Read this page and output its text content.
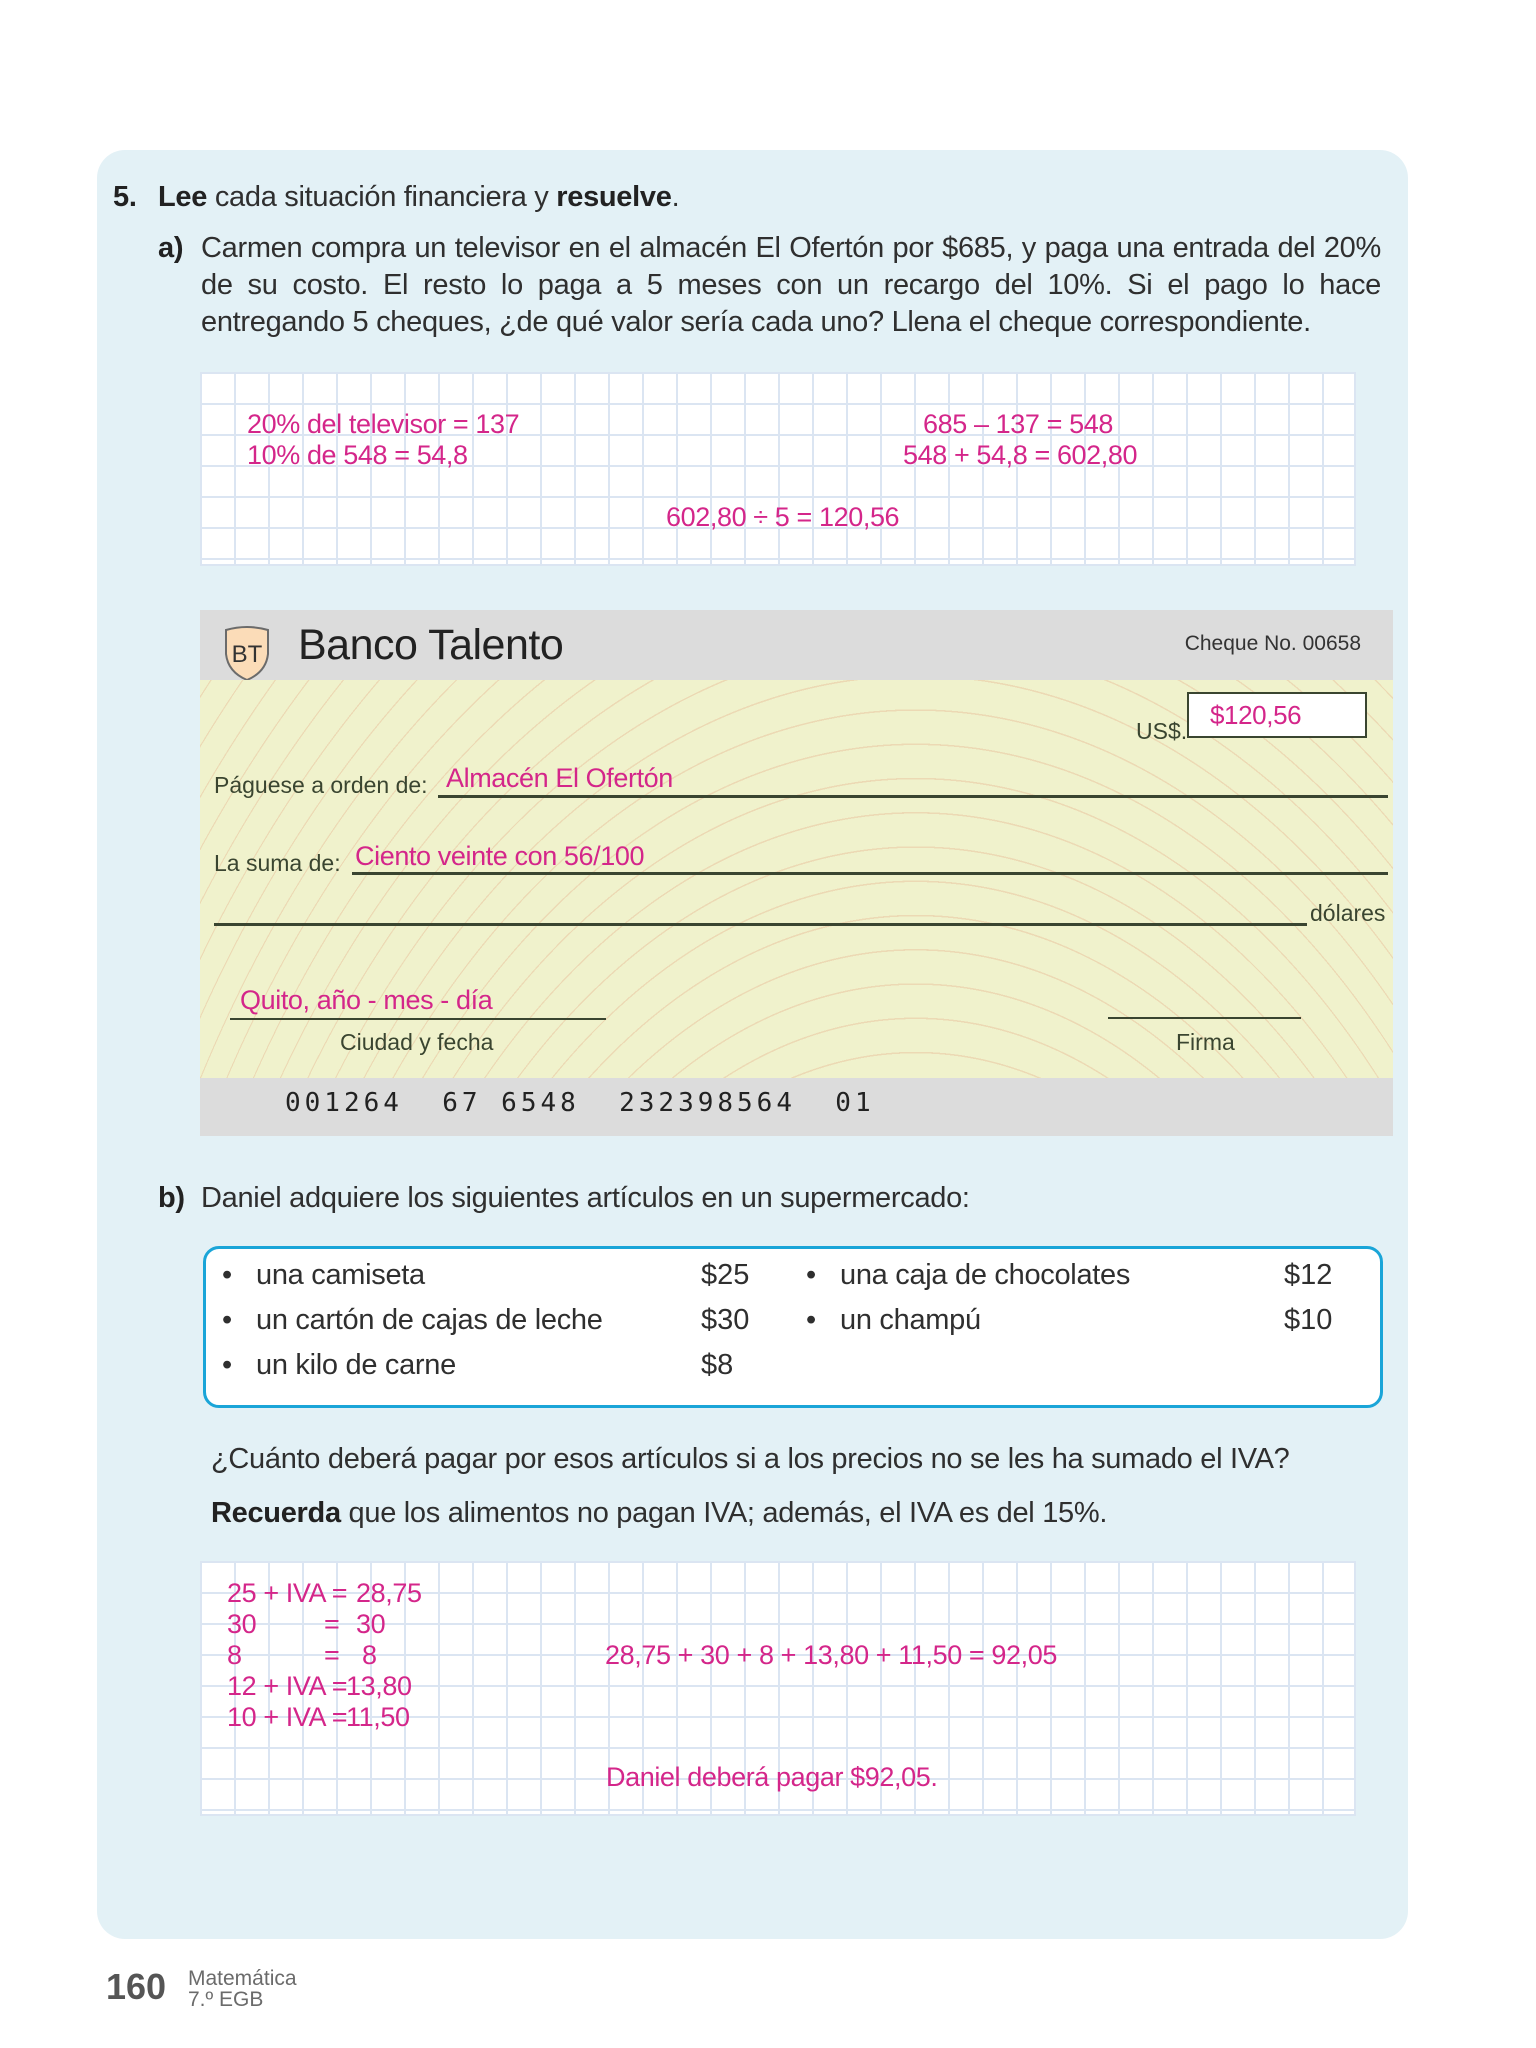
5. Lee cada situación financiera y resuelve.
a) Carmen compra un televisor en el almacén El Ofertón por $685, y paga una entrada del 20% de su costo. El resto lo paga a 5 meses con un recargo del 10%. Si el pago lo hace entregando 5 cheques, ¿de qué valor sería cada uno? Llena el cheque correspondiente.

20% del televisor = 137
10% de 548 = 54,8
685 – 137 = 548
548 + 54,8 = 602,80
602,80 ÷ 5 = 120,56
BT Banco Talento	Cheque No. 00658
US$.
$120,56
Páguese a orden de: Almacén El Ofertón
La suma de: Ciento veinte con 56/100
dólares
Quito, año - mes - día
Ciudad y fecha	Firma
001264  67 6548  232398564  01
b) Daniel adquiere los siguientes artículos en un supermercado:
• una camiseta	$25
• un cartón de cajas de leche	$30
• un kilo de carne	$8
• una caja de chocolates	$12
• un champú	$10
¿Cuánto deberá pagar por esos artículos si a los precios no se les ha sumado el IVA?
Recuerda que los alimentos no pagan IVA; además, el IVA es del 15%.
25 + IVA = 28,75
30	= 30
8	= 8
12 + IVA =
13,80
10 + IVA =
11,50
28,75 + 30 + 8 + 13,80 + 11,50 = 92,05
Daniel deberá pagar $92,05.
160 Matemática
7.º EGB
